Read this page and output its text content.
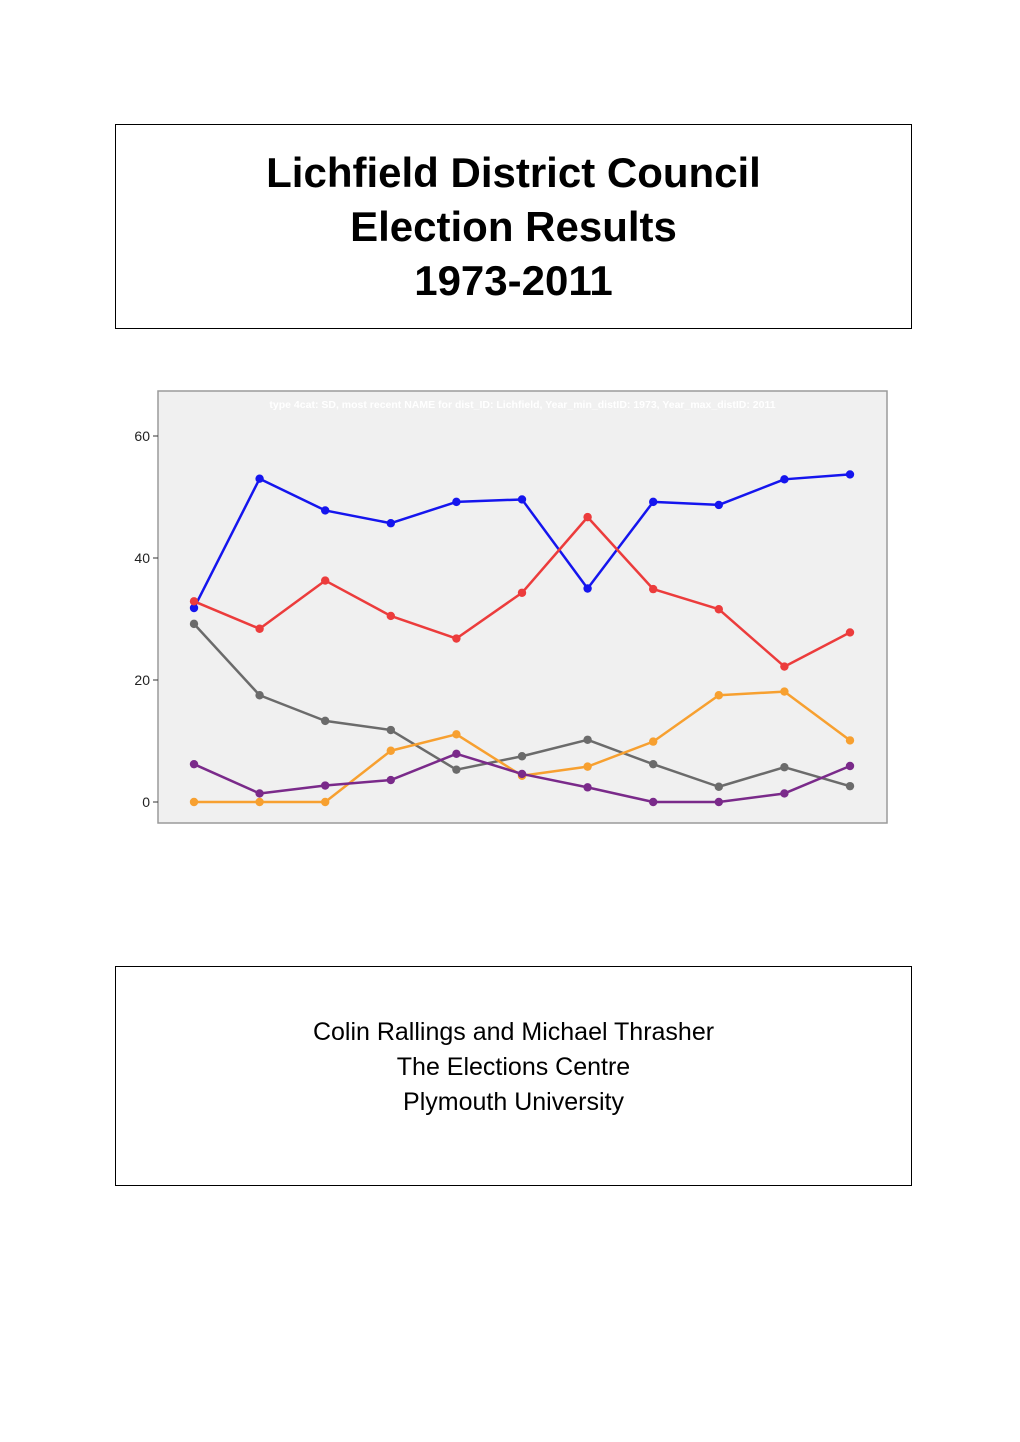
Lichfield District Council
Election Results
1973-2011
type 4cat: SD, most recent NAME for dist_ID: Lichfield, Year_min_distID: 1973, Year_max_distID: 2011
0
20
40
60
Colin Rallings and Michael Thrasher
The Elections Centre
Plymouth University
